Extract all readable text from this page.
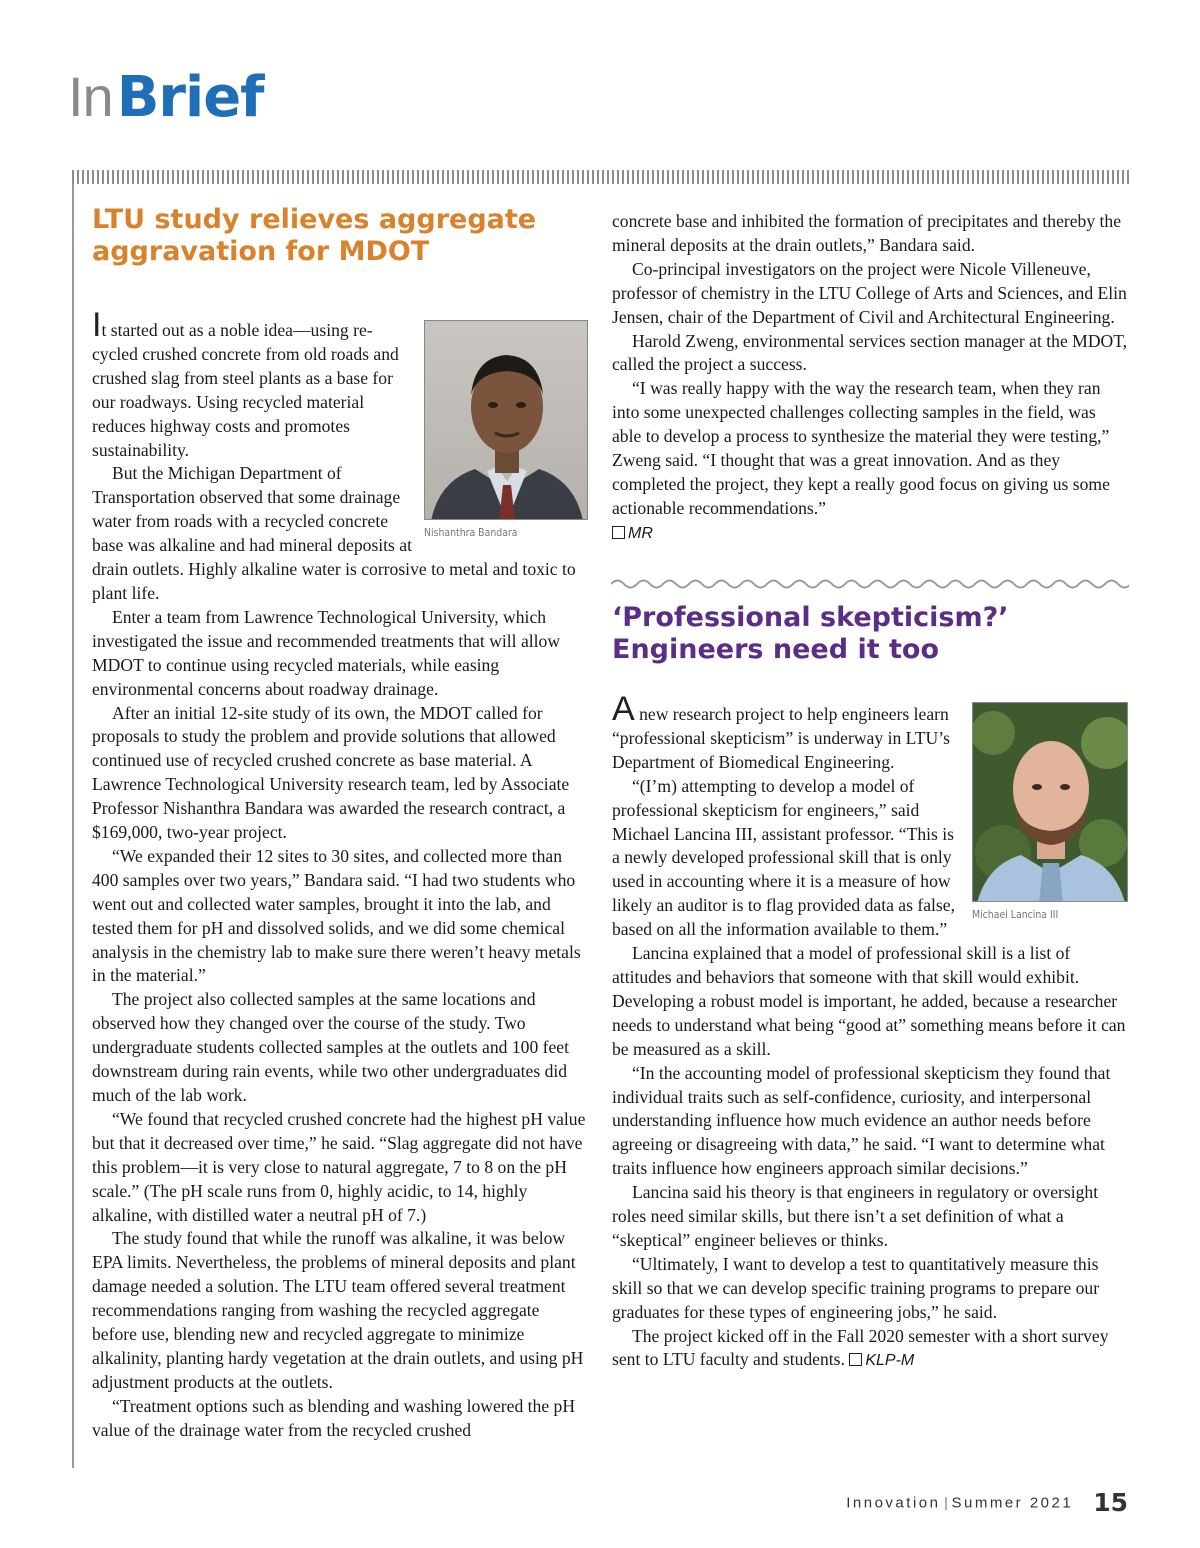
In Brief
LTU study relieves aggregate
aggravation for MDOT
Nishanthra Bandara

It started out as a noble idea—using recycled crushed concrete from old roads and crushed slag from steel plants as a base for our roadways. Using recycled material reduces highway costs and promotes sustainability.

But the Michigan Department of Transportation observed that some drainage water from roads with a recycled concrete base was alkaline and had mineral deposits at drain outlets. Highly alkaline water is corrosive to metal and toxic to plant life.

Enter a team from Lawrence Technological University, which investigated the issue and recommended treatments that will allow MDOT to continue using recycled materials, while easing environmental concerns about roadway drainage.

After an initial 12-site study of its own, the MDOT called for proposals to study the problem and provide solutions that allowed continued use of recycled crushed concrete as base material. A Lawrence Technological University research team, led by Associate Professor Nishanthra Bandara was awarded the research contract, a $169,000, two-year project.

“We expanded their 12 sites to 30 sites, and collected more than 400 samples over two years,” Bandara said. “I had two students who went out and collected water samples, brought it into the lab, and tested them for pH and dissolved solids, and we did some chemical analysis in the chemistry lab to make sure there weren’t heavy metals in the material.”

The project also collected samples at the same locations and observed how they changed over the course of the study. Two undergraduate students collected samples at the outlets and 100 feet downstream during rain events, while two other undergraduates did much of the lab work.

“We found that recycled crushed concrete had the highest pH value but that it decreased over time,” he said. “Slag aggregate did not have this problem—it is very close to natural aggregate, 7 to 8 on the pH scale.” (The pH scale runs from 0, highly acidic, to 14, highly alkaline, with distilled water a neutral pH of 7.)

The study found that while the runoff was alkaline, it was below EPA limits. Nevertheless, the problems of mineral deposits and plant damage needed a solution. The LTU team offered several treatment recommendations ranging from washing the recycled aggregate before use, blending new and recycled aggregate to minimize alkalinity, planting hardy vegetation at the drain outlets, and using pH adjustment products at the outlets.

“Treatment options such as blending and washing lowered the pH value of the drainage water from the recycled crushed

concrete base and inhibited the formation of precipitates and thereby the mineral deposits at the drain outlets,” Bandara said.

Co-principal investigators on the project were Nicole Villeneuve, professor of chemistry in the LTU College of Arts and Sciences, and Elin Jensen, chair of the Department of Civil and Architectural Engineering.

Harold Zweng, environmental services section manager at the MDOT, called the project a success.

“I was really happy with the way the research team, when they ran into some unexpected challenges collecting samples in the field, was able to develop a process to synthesize the material they were testing,” Zweng said. “I thought that was a great innovation. And as they completed the project, they kept a really good focus on giving us some actionable recommendations.”

MR

‘Professional skepticism?’
Engineers need it too
Michael Lancina III

A new research project to help engineers learn “professional skepticism” is underway in LTU’s Department of Biomedical Engineering.

“(I’m) attempting to develop a model of professional skepticism for engineers,” said Michael Lancina III, assistant professor. “This is a newly developed professional skill that is only used in accounting where it is a measure of how likely an auditor is to flag provided data as false, based on all the information available to them.”

Lancina explained that a model of professional skill is a list of attitudes and behaviors that someone with that skill would exhibit. Developing a robust model is important, he added, because a researcher needs to understand what being “good at” something means before it can be measured as a skill.

“In the accounting model of professional skepticism they found that individual traits such as self-confidence, curiosity, and interpersonal understanding influence how much evidence an author needs before agreeing or disagreeing with data,” he said. “I want to determine what traits influence how engineers approach similar decisions.”

Lancina said his theory is that engineers in regulatory or oversight roles need similar skills, but there isn’t a set definition of what a “skeptical” engineer believes or thinks.

“Ultimately, I want to develop a test to quantitatively measure this skill so that we can develop specific training programs to prepare our graduates for these types of engineering jobs,” he said.

The project kicked off in the Fall 2020 semester with a short survey sent to LTU faculty and students. KLP-M

Innovation | Summer 2021 15
